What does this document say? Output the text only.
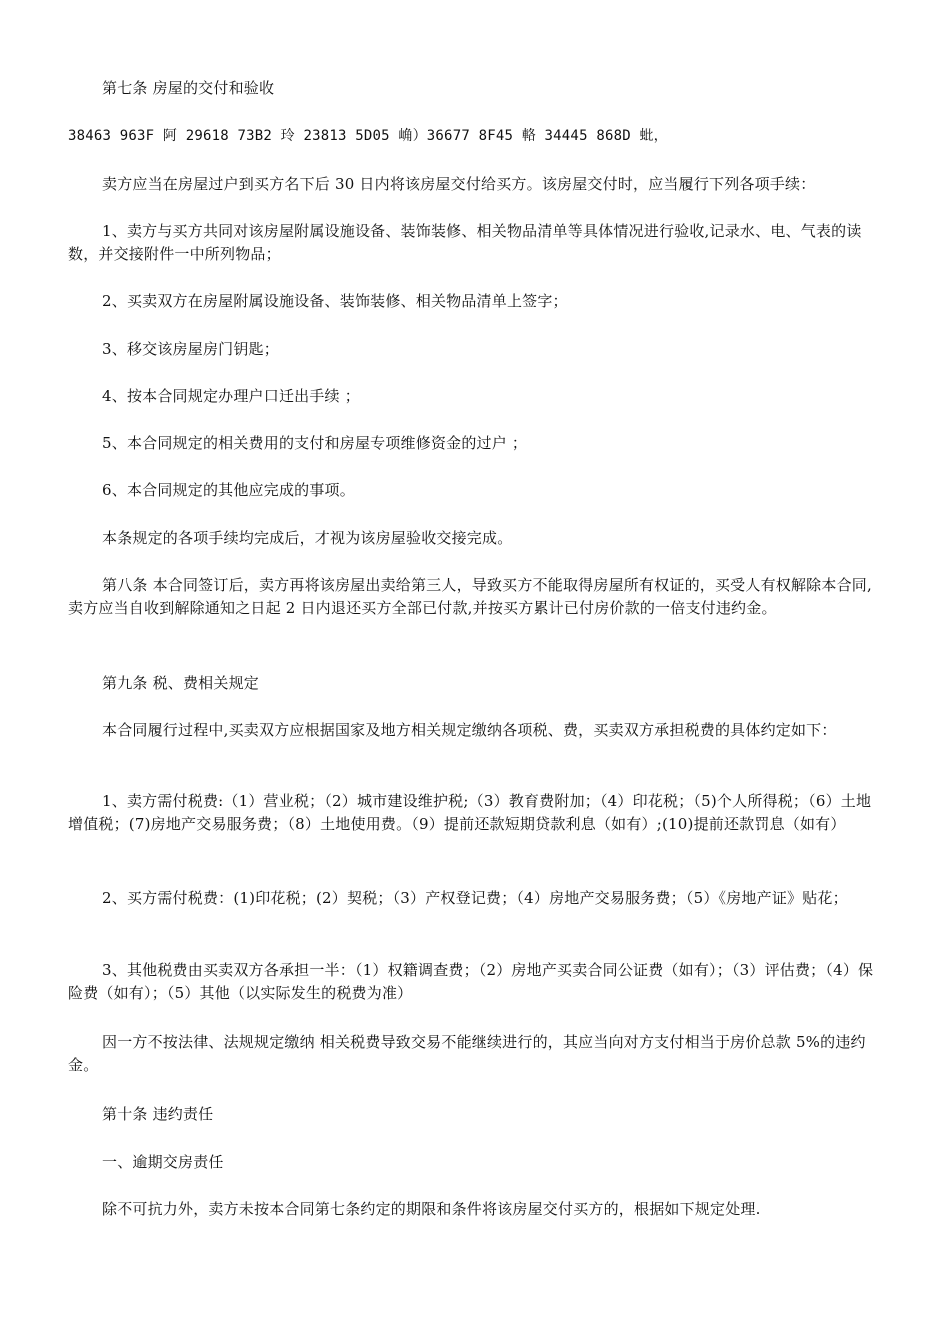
第七条 房屋的交付和验收

38463 963F 阿 29618 73B2 玲 23813 5D05 崅）36677 8F45 輅 34445 868D 蚍，

卖方应当在房屋过户到买方名下后 30 日内将该房屋交付给买方。该房屋交付时，应当履行下列各项手续：

1、卖方与买方共同对该房屋附属设施设备、装饰装修、相关物品清单等具体情况进行验收,记录水、电、气表的读数，并交接附件一中所列物品；

2、买卖双方在房屋附属设施设备、装饰装修、相关物品清单上签字；

3、移交该房屋房门钥匙；

4、按本合同规定办理户口迁出手续 ；

5、本合同规定的相关费用的支付和房屋专项维修资金的过户 ；

6、本合同规定的其他应完成的事项。

本条规定的各项手续均完成后，才视为该房屋验收交接完成。

第八条 本合同签订后，卖方再将该房屋出卖给第三人，导致买方不能取得房屋所有权证的，买受人有权解除本合同,卖方应当自收到解除通知之日起 2 日内退还买方全部已付款,并按买方累计已付房价款的一倍支付违约金。

第九条 税、费相关规定

本合同履行过程中,买卖双方应根据国家及地方相关规定缴纳各项税、费，买卖双方承担税费的具体约定如下：

1、卖方需付税费:（1）营业税；（2）城市建设维护税;（3）教育费附加；（4）印花税；（5)个人所得税；（6）土地增值税；(7)房地产交易服务费；（8）土地使用费。（9）提前还款短期贷款利息（如有）;(10)提前还款罚息（如有）

2、买方需付税费：(1)印花税；(2）契税；（3）产权登记费；（4）房地产交易服务费；（5）《房地产证》贴花；

3、其他税费由买卖双方各承担一半：（1）权籍调查费；（2）房地产买卖合同公证费（如有）；（3）评估费；（4）保险费（如有）；（5）其他（以实际发生的税费为准）

因一方不按法律、法规规定缴纳 相关税费导致交易不能继续进行的，其应当向对方支付相当于房价总款 5%的违约金。

第十条 违约责任

一、逾期交房责任

除不可抗力外，卖方未按本合同第七条约定的期限和条件将该房屋交付买方的，根据如下规定处理.
